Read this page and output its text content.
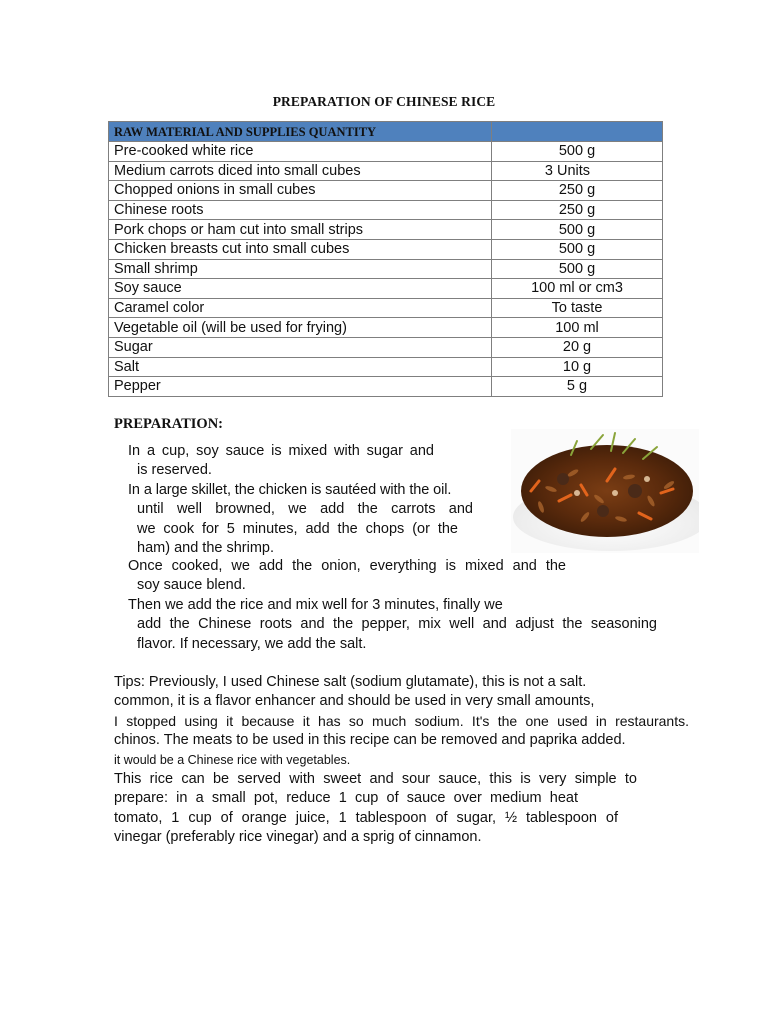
PREPARATION OF CHINESE RICE
RAW MATERIAL AND SUPPLIES QUANTITY	
Pre-cooked white rice	500 g
Medium carrots diced into small cubes	3 Units
Chopped onions in small cubes	250 g
Chinese roots	250 g
Pork chops or ham cut into small strips	500 g
Chicken breasts cut into small cubes	500 g
Small shrimp	500 g
Soy sauce	100 ml or cm3
Caramel color	To taste
Vegetable oil (will be used for frying)	100 ml
Sugar	20 g
Salt	10 g
Pepper	5 g
PREPARATION:
In a cup, soy sauce is mixed with sugar and
is reserved.
In a large skillet, the chicken is sautéed with the oil.
until well browned, we add the carrots and
we cook for 5 minutes, add the chops (or the
ham) and the shrimp.
Once cooked, we add the onion, everything is mixed and the
soy sauce blend.
Then we add the rice and mix well for 3 minutes, finally we
add the Chinese roots and the pepper, mix well and adjust the seasoning
flavor. If necessary, we add the salt.
Tips: Previously, I used Chinese salt (sodium glutamate), this is not a salt.
common, it is a flavor enhancer and should be used in very small amounts,
I stopped using it because it has so much sodium. It's the one used in restaurants.
chinos. The meats to be used in this recipe can be removed and paprika added.
it would be a Chinese rice with vegetables.
This rice can be served with sweet and sour sauce, this is very simple to
prepare: in a small pot, reduce 1 cup of sauce over medium heat
tomato, 1 cup of orange juice, 1 tablespoon of sugar, ½ tablespoon of
vinegar (preferably rice vinegar) and a sprig of cinnamon.
